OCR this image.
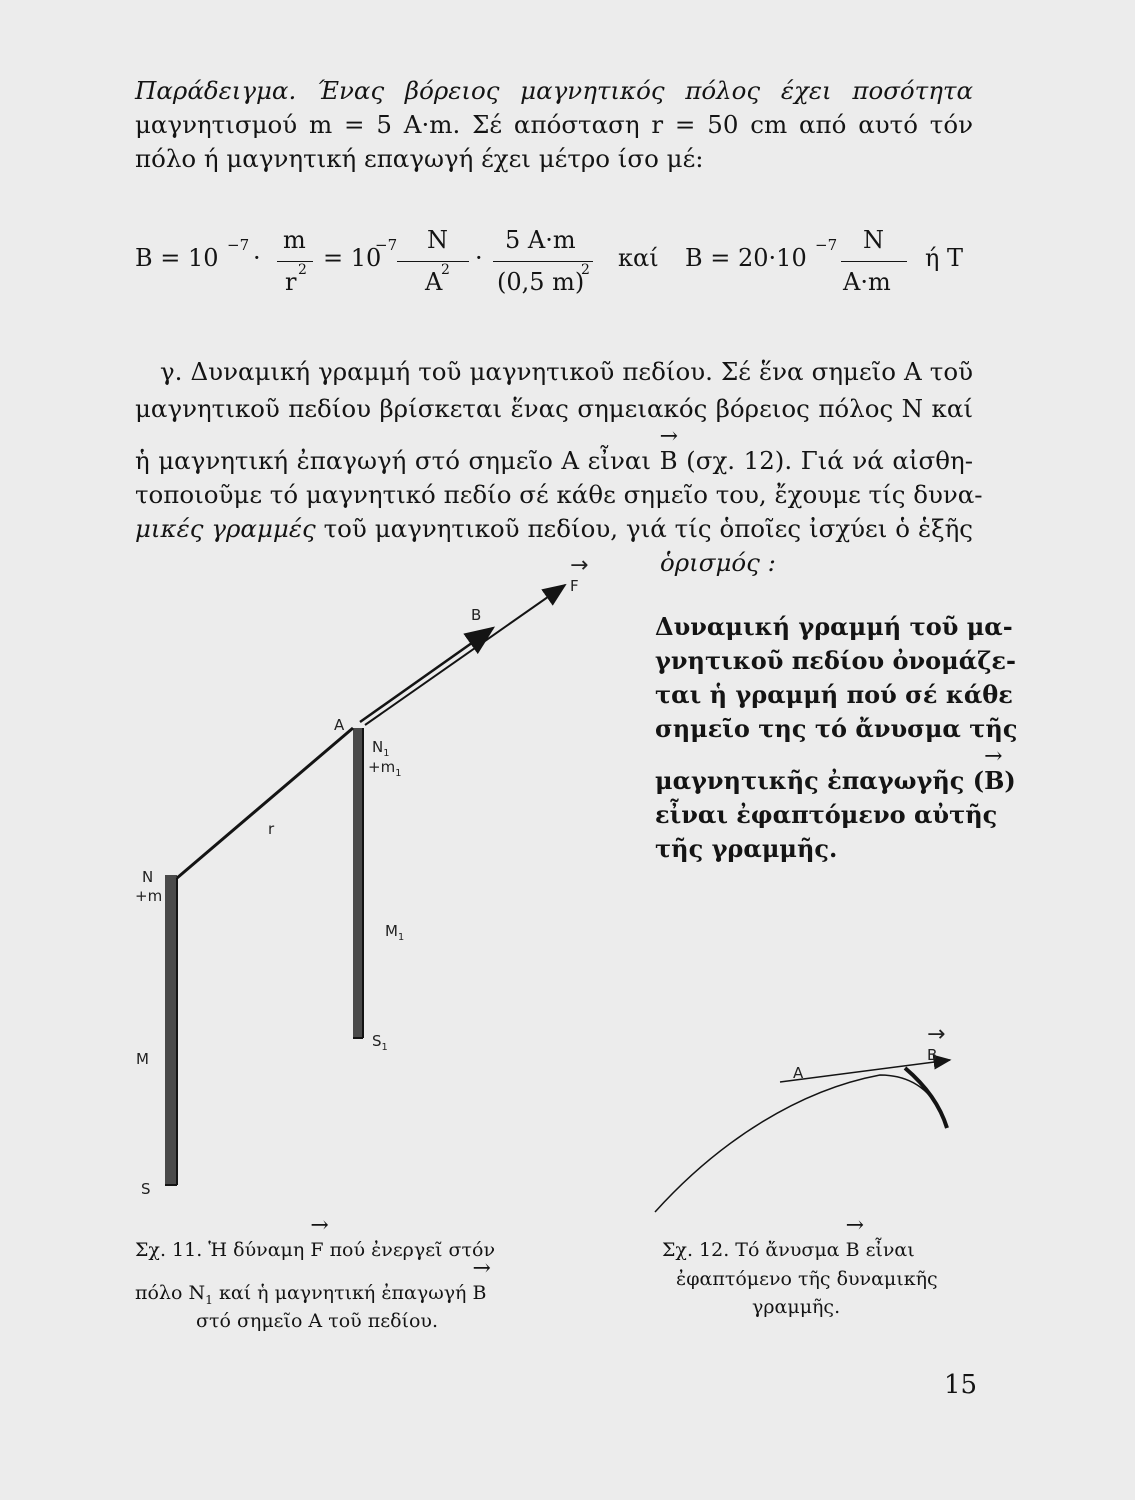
Παράδειγμα. Ένας βόρειος μαγνητικός πόλος έχει ποσότητα
μαγνητισμού m = 5 A·m. Σέ απόσταση r = 50 cm από αυτό τόν
πόλο ή μαγνητική επαγωγή έχει μέτρο ίσο μέ:
B = 10 −7 ·
m
r 2 = 10
−7 N
A
2 ·
5 A·m
(0,5 m)
2 καί B = 20·10 −7 N
A·m
ή T
γ. Δυναμική γραμμή τοῦ μαγνητικοῦ πεδίου. Σέ ἕνα σημεῖο A τοῦ
μαγνητικοῦ πεδίου βρίσκεται ἕνας σημειακός βόρειος πόλος N καί
ἡ μαγνητική ἐπαγωγή στό σημεῖο A εἶναι → B (σχ. 12). Γιά νά αἰσθη-
τοποιοῦμε τό μαγνητικό πεδίο σέ κάθε σημεῖο του, ἔχουμε τίς δυνα-
μικές γραμμές τοῦ μαγνητικοῦ πεδίου, γιά τίς ὁποῖες ἰσχύει ὁ ἑξῆς
ὁρισμός :
Δυναμική γραμμή τοῦ μα-
γνητικοῦ πεδίου ὀνομάζε-
ται ἡ γραμμή πού σέ κάθε
σημεῖο της τό ἄνυσμα τῆς
μαγνητικῆς ἐπαγωγῆς (→ B)
εἶναι ἐφαπτόμενο αὐτῆς
τῆς γραμμῆς.
→ F
B
A
$N_1$
$+m_1$
r
N
+m
$M_1$
$S_1$
M
S
A
→ B
Σχ. 11. Ἡ δύναμη → F πού ἐνεργεῖ στόν
πόλο $N_1$ καί ἡ μαγνητική ἐπαγωγή → B
στό σημεῖο A τοῦ πεδίου.
Σχ. 12. Τό ἄνυσμα → B εἶναι
ἐφαπτόμενο τῆς δυναμικῆς
γραμμῆς.
15
